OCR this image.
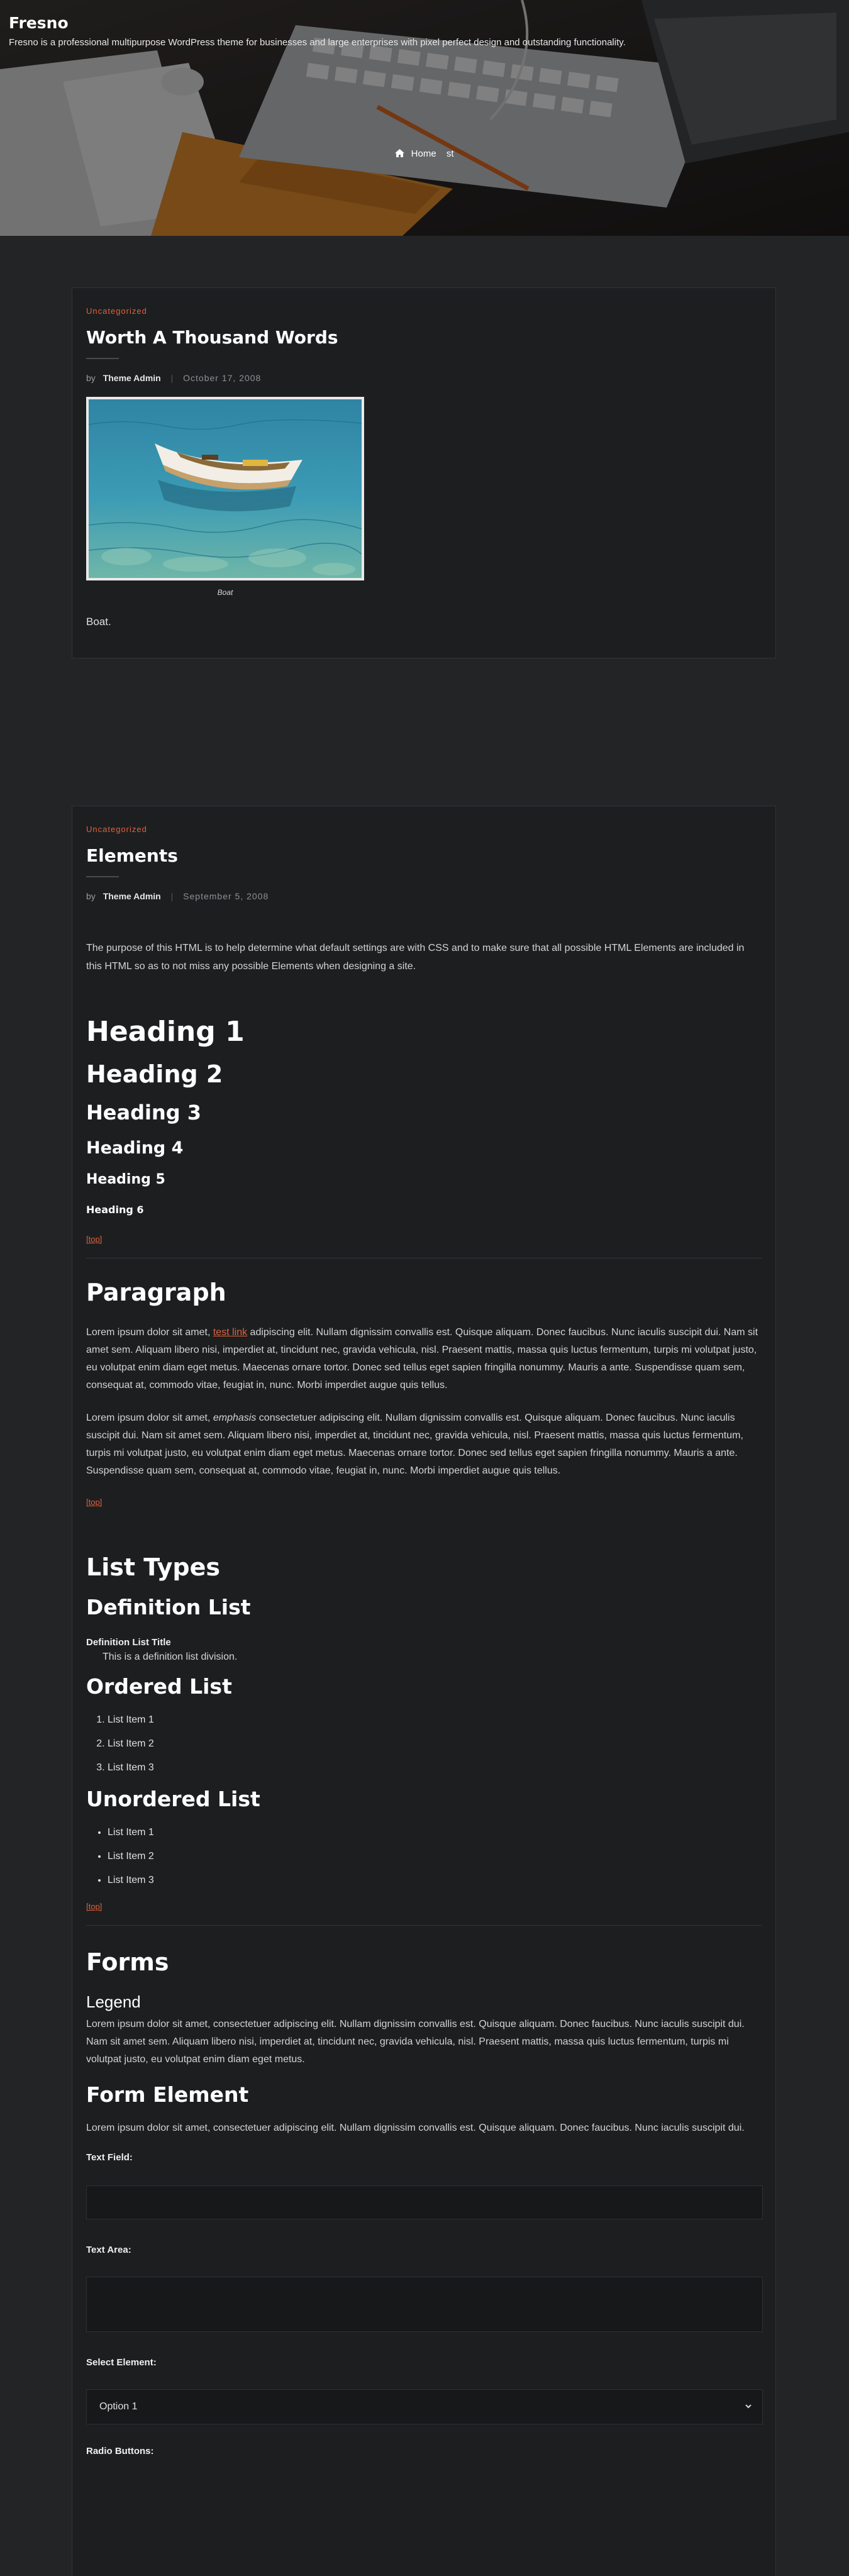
Fresno

Fresno is a professional multipurpose WordPress theme for businesses and large enterprises with pixel perfect design and outstanding functionality.

Home st
Uncategorized
Worth A Thousand Words
by Theme Admin | October 17, 2008
Boat

Boat.

Uncategorized
Elements
by Theme Admin | September 5, 2008

The purpose of this HTML is to help determine what default settings are with CSS and to make sure that all possible HTML Elements are included in this HTML so as to not miss any possible Elements when designing a site.

Heading 1
Heading 2
Heading 3
Heading 4
Heading 5
Heading 6
[top]
Paragraph

Lorem ipsum dolor sit amet, test link adipiscing elit. Nullam dignissim convallis est. Quisque aliquam. Donec faucibus. Nunc iaculis suscipit dui. Nam sit amet sem. Aliquam libero nisi, imperdiet at, tincidunt nec, gravida vehicula, nisl. Praesent mattis, massa quis luctus fermentum, turpis mi volutpat justo, eu volutpat enim diam eget metus. Maecenas ornare tortor. Donec sed tellus eget sapien fringilla nonummy. Mauris a ante. Suspendisse quam sem, consequat at, commodo vitae, feugiat in, nunc. Morbi imperdiet augue quis tellus.

Lorem ipsum dolor sit amet, emphasis consectetuer adipiscing elit. Nullam dignissim convallis est. Quisque aliquam. Donec faucibus. Nunc iaculis suscipit dui. Nam sit amet sem. Aliquam libero nisi, imperdiet at, tincidunt nec, gravida vehicula, nisl. Praesent mattis, massa quis luctus fermentum, turpis mi volutpat justo, eu volutpat enim diam eget metus. Maecenas ornare tortor. Donec sed tellus eget sapien fringilla nonummy. Mauris a ante. Suspendisse quam sem, consequat at, commodo vitae, feugiat in, nunc. Morbi imperdiet augue quis tellus.

[top]
List Types
Definition List
Definition List Title
This is a definition list division.
Ordered List
1. List Item 1
2. List Item 2
3. List Item 3
Unordered List
• List Item 1
• List Item 2
• List Item 3
[top]
Forms
Legend

Lorem ipsum dolor sit amet, consectetuer adipiscing elit. Nullam dignissim convallis est. Quisque aliquam. Donec faucibus. Nunc iaculis suscipit dui. Nam sit amet sem. Aliquam libero nisi, imperdiet at, tincidunt nec, gravida vehicula, nisl. Praesent mattis, massa quis luctus fermentum, turpis mi volutpat justo, eu volutpat enim diam eget metus.

Form Element

Lorem ipsum dolor sit amet, consectetuer adipiscing elit. Nullam dignissim convallis est. Quisque aliquam. Donec faucibus. Nunc iaculis suscipit dui.

Text Field:
Text Area:
Select Element:
Option 1
Radio Buttons:
